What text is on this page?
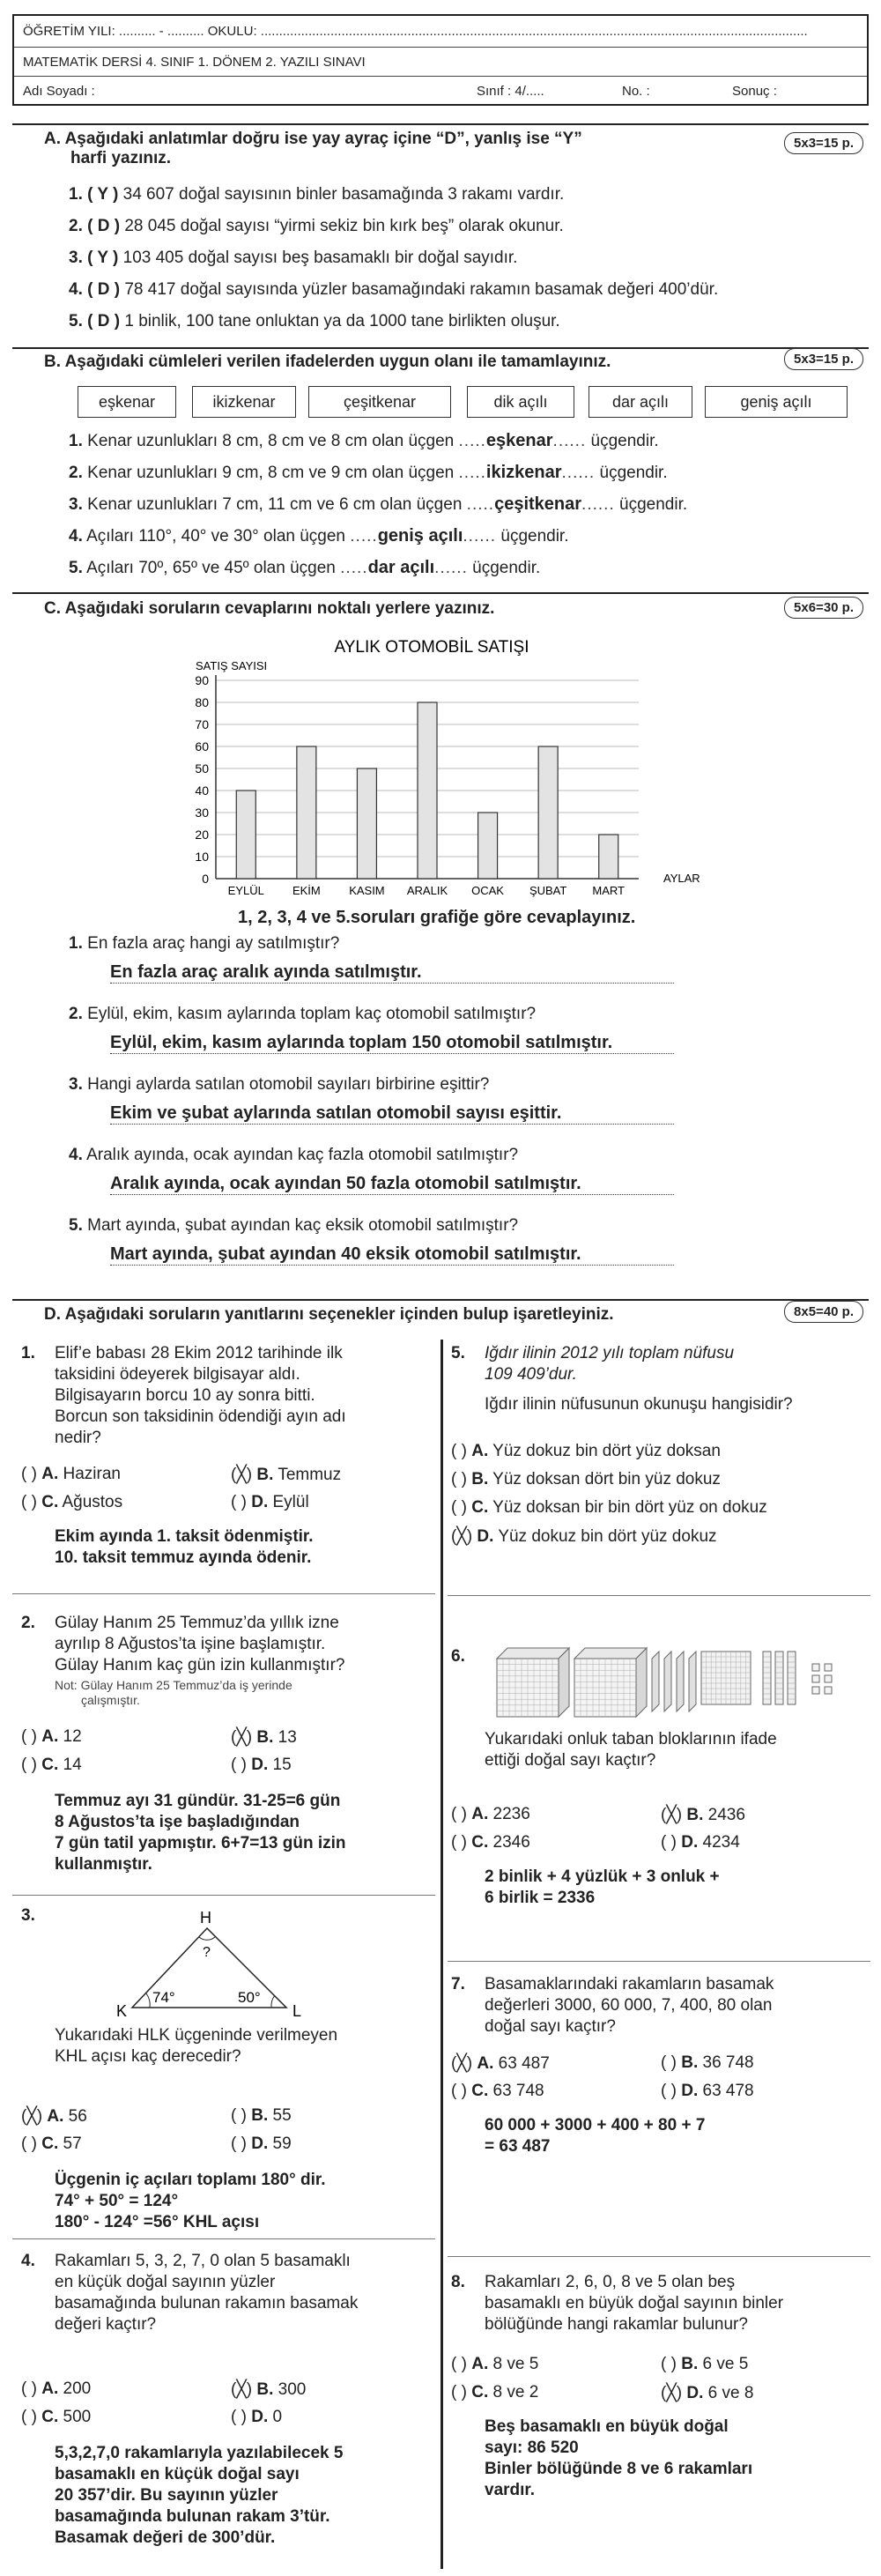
ÖĞRETİM YILI: .......... - .......... OKULU: .....................................................................................................................................................
MATEMATİK DERSİ 4. SINIF 1. DÖNEM 2. YAZILI SINAVI
Adı Soyadı :	Sınıf : 4/.....	No. :	Sonuç :
A. Aşağıdaki anlatımlar doğru ise yay ayraç içine “D”, yanlış ise “Y”
harfi yazınız.
5x3=15 p.
1. ( Y ) 34 607 doğal sayısının binler basamağında 3 rakamı vardır.
2. ( D ) 28 045 doğal sayısı “yirmi sekiz bin kırk beş” olarak okunur.
3. ( Y ) 103 405 doğal sayısı beş basamaklı bir doğal sayıdır.
4. ( D ) 78 417 doğal sayısında yüzler basamağındaki rakamın basamak değeri 400’dür.
5. ( D ) 1 binlik, 100 tane onluktan ya da 1000 tane birlikten oluşur.
B. Aşağıdaki cümleleri verilen ifadelerden uygun olanı ile tamamlayınız.	5x3=15 p.
eşkenar	ikizkenar	çeşitkenar	dik açılı	dar açılı	geniş açılı
1. Kenar uzunlukları 8 cm, 8 cm ve 8 cm olan üçgen .....eşkenar...... üçgendir.
2. Kenar uzunlukları 9 cm, 8 cm ve 9 cm olan üçgen .....ikizkenar...... üçgendir.
3. Kenar uzunlukları 7 cm, 11 cm ve 6 cm olan üçgen .....çeşitkenar...... üçgendir.
4. Açıları 110°, 40° ve 30° olan üçgen .....geniş açılı...... üçgendir.
5. Açıları 70º, 65º ve 45º olan üçgen .....dar açılı...... üçgendir.
C. Aşağıdaki soruların cevaplarını noktalı yerlere yazınız.	5x6=30 p.
AYLIK OTOMOBİL SATIŞI
SATIŞ SAYISI
0
10
20
30
40
50
60
70
80
90
EYLÜL EKİM KASIM ARALIK OCAK ŞUBAT MART
AYLAR
1, 2, 3, 4 ve 5.soruları grafiğe göre cevaplayınız.
1. En fazla araç hangi ay satılmıştır?
En fazla araç aralık ayında satılmıştır.
2. Eylül, ekim, kasım aylarında toplam kaç otomobil satılmıştır?
Eylül, ekim, kasım aylarında toplam 150 otomobil satılmıştır.
3. Hangi aylarda satılan otomobil sayıları birbirine eşittir?
Ekim ve şubat aylarında satılan otomobil sayısı eşittir.
4. Aralık ayında, ocak ayından kaç fazla otomobil satılmıştır?
Aralık ayında, ocak ayından 50 fazla otomobil satılmıştır.
5. Mart ayında, şubat ayından kaç eksik otomobil satılmıştır?
Mart ayında, şubat ayından 40 eksik otomobil satılmıştır.
D. Aşağıdaki soruların yanıtlarını seçenekler içinden bulup işaretleyiniz.	8x5=40 p.
1. Elif’e babası 28 Ekim 2012 tarihinde ilk
taksidini ödeyerek bilgisayar aldı.
Bilgisayarın borcu 10 ay sonra bitti.
Borcun son taksidinin ödendiği ayın adı
nedir?
( ) A. Haziran	(╳) B. Temmuz
( ) C. Ağustos	( ) D. Eylül
Ekim ayında 1. taksit ödenmiştir.
10. taksit temmuz ayında ödenir.
2. Gülay Hanım 25 Temmuz’da yıllık izne
ayrılıp 8 Ağustos’ta işine başlamıştır.
Gülay Hanım kaç gün izin kullanmıştır?
Not: Gülay Hanım 25 Temmuz’da iş yerinde
çalışmıştır.
( ) A. 12	(╳) B. 13
( ) C. 14	( ) D. 15
Temmuz ayı 31 gündür. 31-25=6 gün
8 Ağustos’ta işe başladığından
7 gün tatil yapmıştır. 6+7=13 gün izin
kullanmıştır.
3.
Yukarıdaki HLK üçgeninde verilmeyen
KHL açısı kaç derecedir?
(╳) A. 56	( ) B. 55
( ) C. 57	( ) D. 59
Üçgenin iç açıları toplamı 180° dir.
74° + 50° = 124°
180° - 124° =56° KHL açısı
4. Rakamları 5, 3, 2, 7, 0 olan 5 basamaklı
en küçük doğal sayının yüzler
basamağında bulunan rakamın basamak
değeri kaçtır?
( ) A. 200	(╳) B. 300
( ) C. 500	( ) D. 0
5,3,2,7,0 rakamlarıyla yazılabilecek 5
basamaklı en küçük doğal sayı
20 357’dir. Bu sayının yüzler
basamağında bulunan rakam 3’tür.
Basamak değeri de 300’dür.
5. Iğdır ilinin 2012 yılı toplam nüfusu
109 409’dur.
Iğdır ilinin nüfusunun okunuşu hangisidir?
( ) A. Yüz dokuz bin dört yüz doksan
( ) B. Yüz doksan dört bin yüz dokuz
( ) C. Yüz doksan bir bin dört yüz on dokuz
(╳) D. Yüz dokuz bin dört yüz dokuz
6.
Yukarıdaki onluk taban bloklarının ifade
ettiği doğal sayı kaçtır?
( ) A. 2236	(╳) B. 2436
( ) C. 2346	( ) D. 4234
2 binlik + 4 yüzlük + 3 onluk +
6 birlik = 2336
7. Basamaklarındaki rakamların basamak
değerleri 3000, 60 000, 7, 400, 80 olan
doğal sayı kaçtır?
(╳) A. 63 487	( ) B. 36 748
( ) C. 63 748	( ) D. 63 478
60 000 + 3000 + 400 + 80 + 7
= 63 487
8. Rakamları 2, 6, 0, 8 ve 5 olan beş
basamaklı en büyük doğal sayının binler
bölüğünde hangi rakamlar bulunur?
( ) A. 8 ve 5	( ) B. 6 ve 5
( ) C. 8 ve 2	(╳) D. 6 ve 8
Beş basamaklı en büyük doğal
sayı: 86 520
Binler bölüğünde 8 ve 6 rakamları
vardır.
H
K	L
?
74°	50°
